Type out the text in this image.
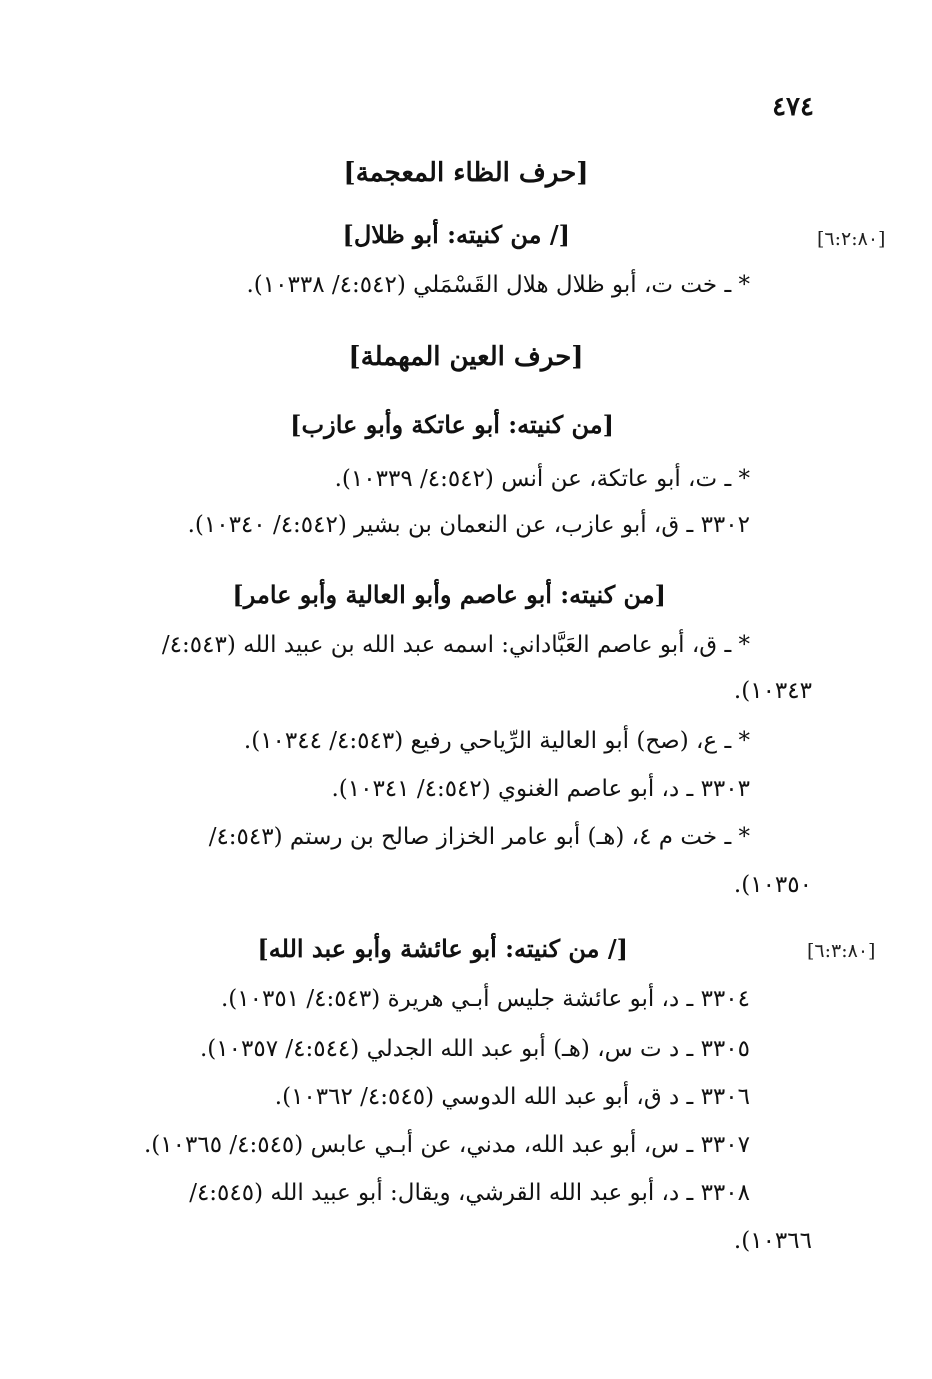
٤٧٤
[حرف الظاء المعجمة]
[/ من كنيته: أبو ظلال]	[٦:٢:٨٠]
* ـ خت ت، أبو ظلال هلال القَسْمَلي (٤:٥٤٢/ ١٠٣٣٨).
[حرف العين المهملة]
[من كنيته: أبو عاتكة وأبو عازب]
* ـ ت، أبو عاتكة، عن أنس (٤:٥٤٢/ ١٠٣٣٩).
٣٣٠٢ ـ ق، أبو عازب، عن النعمان بن بشير (٤:٥٤٢/ ١٠٣٤٠).
[من كنيته: أبو عاصم وأبو العالية وأبو عامر]
* ـ ق، أبو عاصم العَبَّاداني: اسمه عبد الله بن عبيد الله (٤:٥٤٣/
١٠٣٤٣).
* ـ ع، (صح) أبو العالية الرِّياحي رفيع (٤:٥٤٣/ ١٠٣٤٤).
٣٣٠٣ ـ د، أبو عاصم الغنوي (٤:٥٤٢/ ١٠٣٤١).
* ـ خت م ٤، (هـ) أبو عامر الخزاز صالح بن رستم (٤:٥٤٣/
١٠٣٥٠).
[/ من كنيته: أبو عائشة وأبو عبد الله]	[٦:٣:٨٠]
٣٣٠٤ ـ د، أبو عائشة جليس أبـي هريرة (٤:٥٤٣/ ١٠٣٥١).
٣٣٠٥ ـ د ت س، (هـ) أبو عبد الله الجدلي (٤:٥٤٤/ ١٠٣٥٧).
٣٣٠٦ ـ د ق، أبو عبد الله الدوسي (٤:٥٤٥/ ١٠٣٦٢).
٣٣٠٧ ـ س، أبو عبد الله، مدني، عن أبـي عابس (٤:٥٤٥/ ١٠٣٦٥).
٣٣٠٨ ـ د، أبو عبد الله القرشي، ويقال: أبو عبيد الله (٤:٥٤٥/
١٠٣٦٦).
